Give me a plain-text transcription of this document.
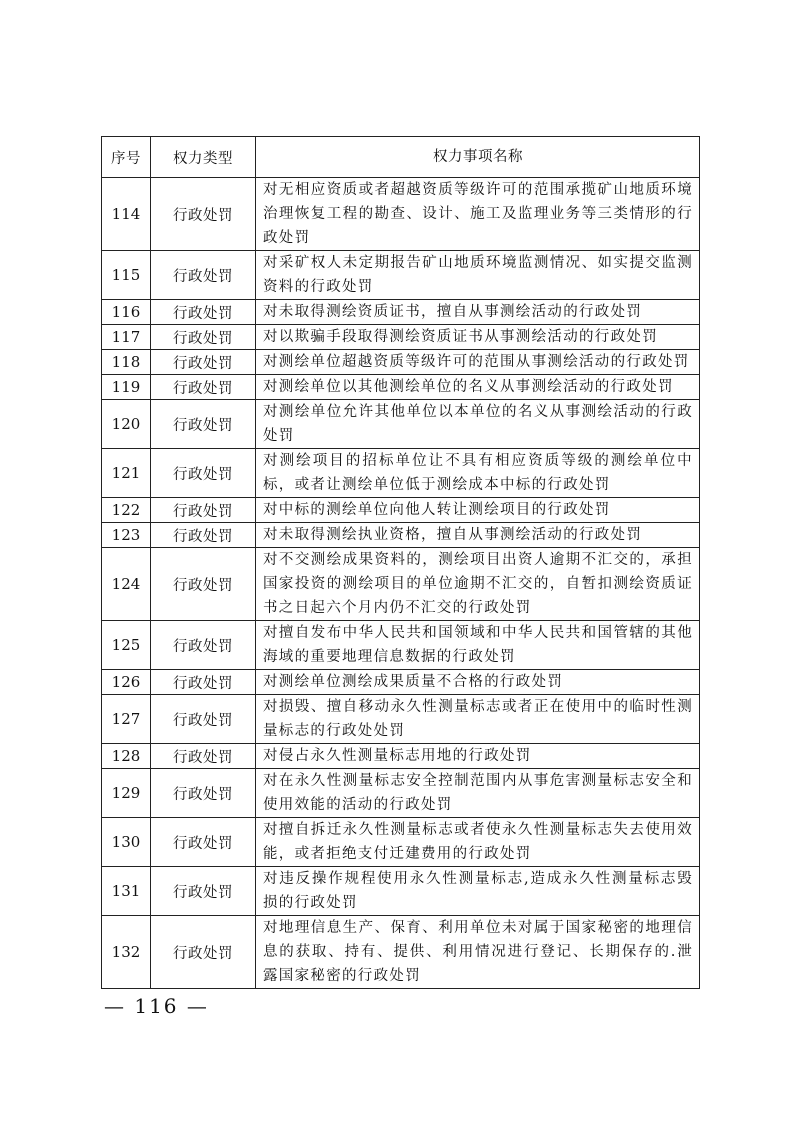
序号	权力类型	权力事项名称
114	行政处罚	对无相应资质或者超越资质等级许可的范围承揽矿山地质环境治理恢复工程的勘查、设计、施工及监理业务等三类情形的行政处罚
115	行政处罚	对采矿权人未定期报告矿山地质环境监测情况、如实提交监测资料的行政处罚
116	行政处罚	对未取得测绘资质证书，擅自从事测绘活动的行政处罚
117	行政处罚	对以欺骗手段取得测绘资质证书从事测绘活动的行政处罚
118	行政处罚	对测绘单位超越资质等级许可的范围从事测绘活动的行政处罚
119	行政处罚	对测绘单位以其他测绘单位的名义从事测绘活动的行政处罚
120	行政处罚	对测绘单位允许其他单位以本单位的名义从事测绘活动的行政处罚
121	行政处罚	对测绘项目的招标单位让不具有相应资质等级的测绘单位中标，或者让测绘单位低于测绘成本中标的行政处罚
122	行政处罚	对中标的测绘单位向他人转让测绘项目的行政处罚
123	行政处罚	对未取得测绘执业资格，擅自从事测绘活动的行政处罚
124	行政处罚	对不交测绘成果资料的，测绘项目出资人逾期不汇交的，承担国家投资的测绘项目的单位逾期不汇交的，自暂扣测绘资质证书之日起六个月内仍不汇交的行政处罚
125	行政处罚	对擅自发布中华人民共和国领域和中华人民共和国管辖的其他海域的重要地理信息数据的行政处罚
126	行政处罚	对测绘单位测绘成果质量不合格的行政处罚
127	行政处罚	对损毁、擅自移动永久性测量标志或者正在使用中的临时性测量标志的行政处处罚
128	行政处罚	对侵占永久性测量标志用地的行政处罚
129	行政处罚	对在永久性测量标志安全控制范围内从事危害测量标志安全和使用效能的活动的行政处罚
130	行政处罚	对擅自拆迁永久性测量标志或者使永久性测量标志失去使用效能，或者拒绝支付迁建费用的行政处罚
131	行政处罚	对违反操作规程使用永久性测量标志,造成永久性测量标志毁损的行政处罚
132	行政处罚	对地理信息生产、保育、利用单位未对属于国家秘密的地理信息的获取、持有、提供、利用情况进行登记、长期保存的.泄露国家秘密的行政处罚
— 116 —
